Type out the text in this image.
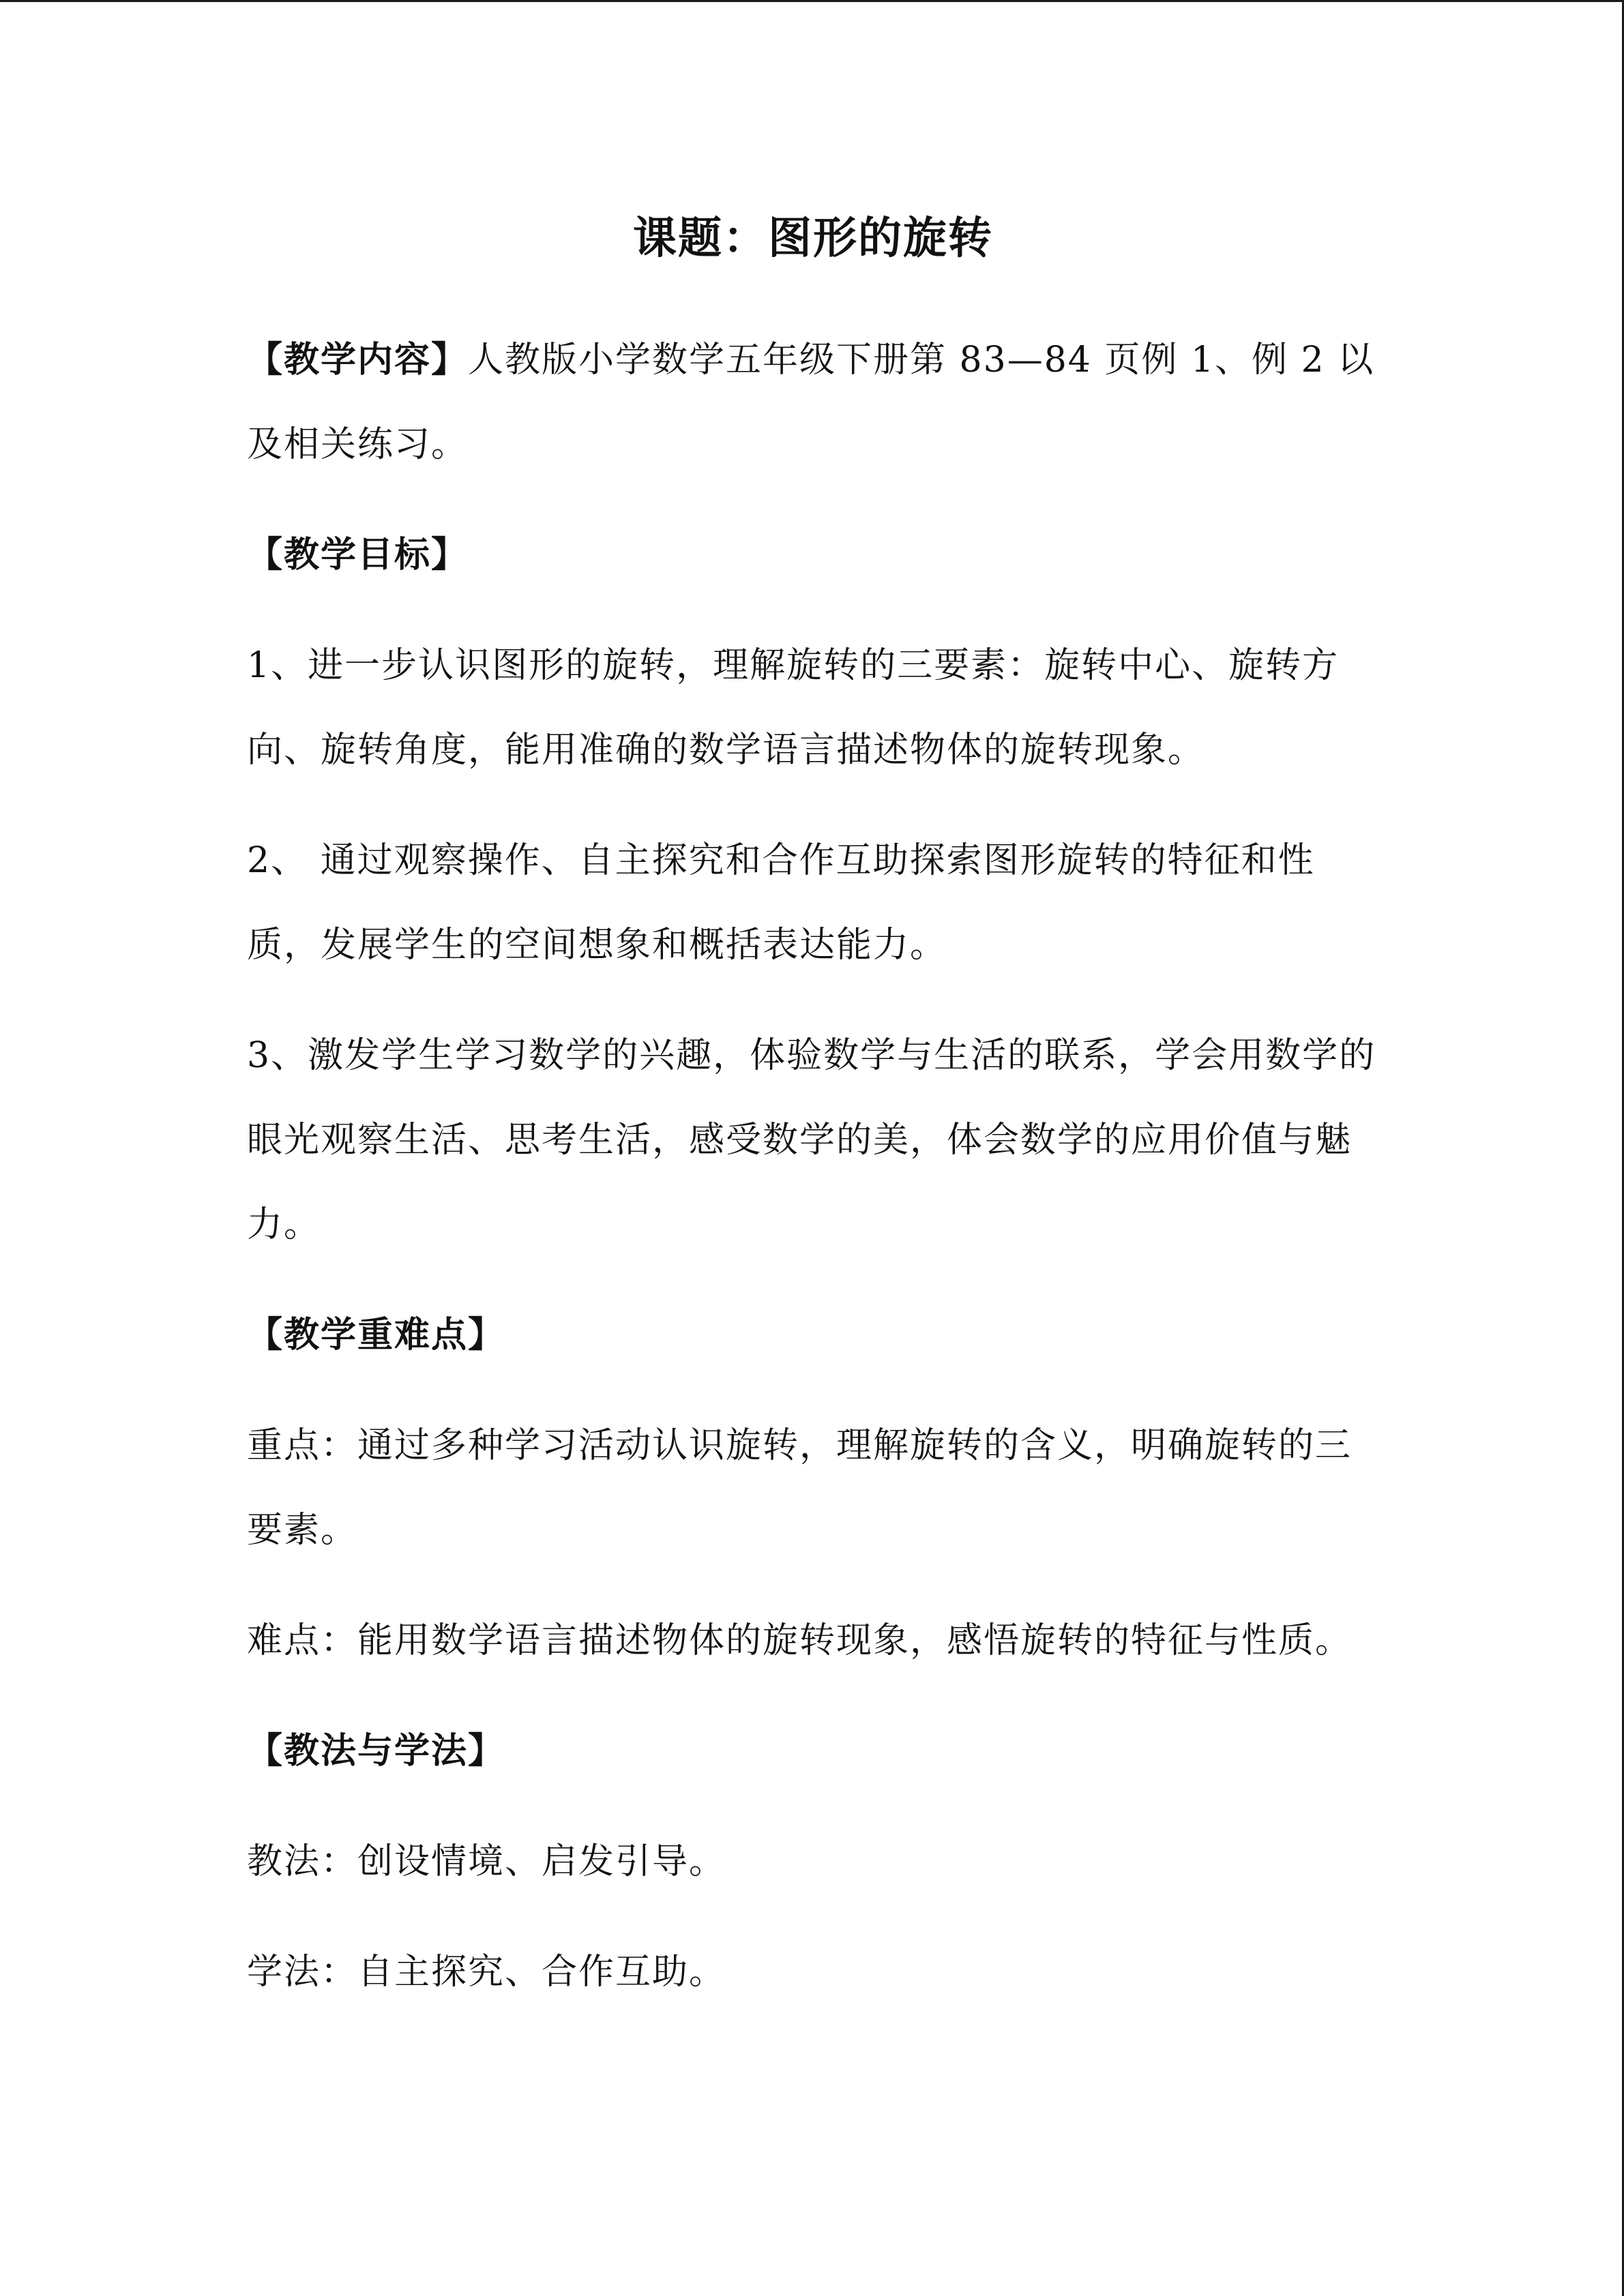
课题：图形的旋转

【教学内容】人教版小学数学五年级下册第 83—84 页例 1、例 2 以及相关练习。

【教学目标】

1、进一步认识图形的旋转，理解旋转的三要素：旋转中心、旋转方向、旋转角度，能用准确的数学语言描述物体的旋转现象。

2、 通过观察操作、自主探究和合作互助探索图形旋转的特征和性质，发展学生的空间想象和概括表达能力。

3、激发学生学习数学的兴趣，体验数学与生活的联系，学会用数学的眼光观察生活、思考生活，感受数学的美，体会数学的应用价值与魅力。

【教学重难点】

重点：通过多种学习活动认识旋转，理解旋转的含义，明确旋转的三要素。

难点：能用数学语言描述物体的旋转现象，感悟旋转的特征与性质。

【教法与学法】

教法：创设情境、启发引导。

学法：自主探究、合作互助。
